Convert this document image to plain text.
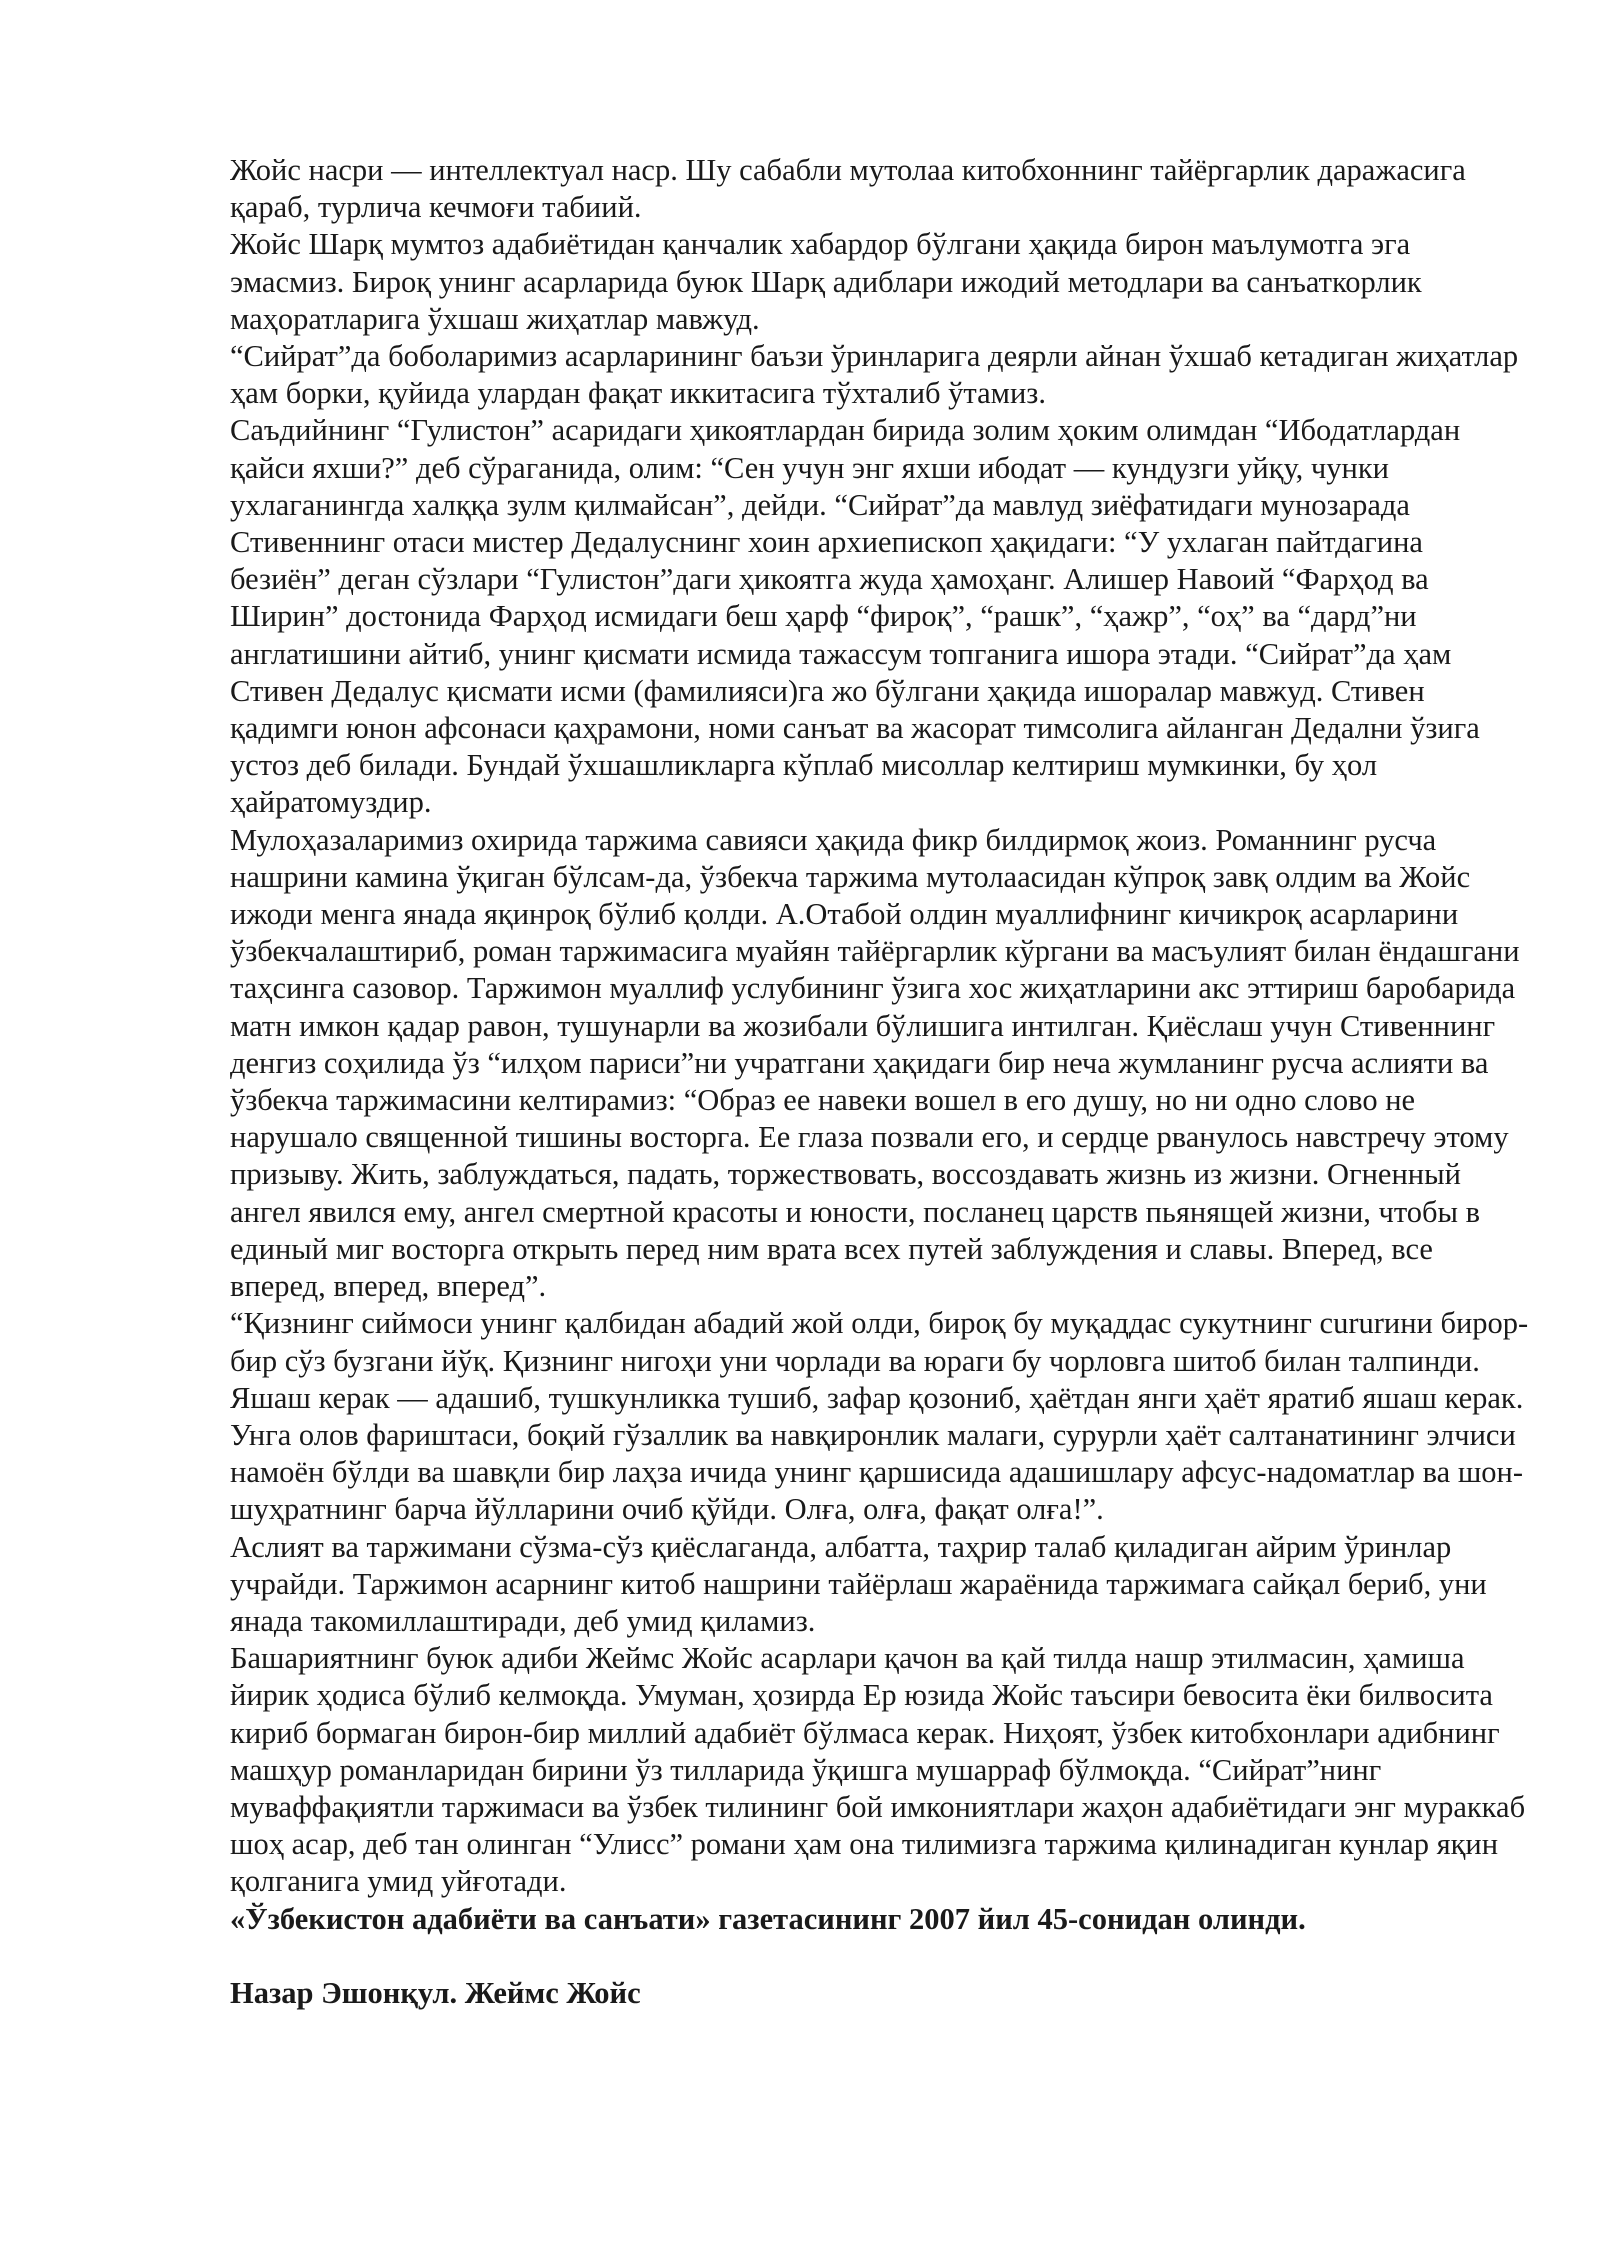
Жойс насри — интеллектуал наср. Шу сабабли мутолаа китобхоннинг тайёргарлик даражасига қараб, турлича кечмоғи табиий.

Жойс Шарқ мумтоз адабиётидан қанчалик хабардор бўлгани ҳақида бирон маълумотга эга эмасмиз. Бироқ унинг асарларида буюк Шарқ адиблари ижодий методлари ва санъаткорлик маҳоратларига ўхшаш жиҳатлар мавжуд.

“Сийрат”да боболаримиз асарларининг баъзи ўринларига деярли айнан ўхшаб кетадиган жиҳатлар ҳам борки, қуйида улардан фақат иккитасига тўхталиб ўтамиз.

Саъдийнинг “Гулистон” асаридаги ҳикоятлардан бирида золим ҳоким олимдан “Ибодатлардан қайси яхши?” деб сўраганида, олим: “Сен учун энг яхши ибодат — кундузги уйқу, чунки ухлаганингда халққа зулм қилмайсан”, дейди. “Сийрат”да мавлуд зиёфатидаги мунозарада Стивеннинг отаси мистер Дедалуснинг хоин архиепископ ҳақидаги: “У ухлаган пайтдагина безиён” деган сўзлари “Гулистон”даги ҳикоятга жуда ҳамоҳанг. Алишер Навоий “Фарҳод ва Ширин” достонида Фарҳод исмидаги беш ҳарф “фироқ”, “рашк”, “ҳажр”, “оҳ” ва “дард”ни англатишини айтиб, унинг қисмати исмида тажассум топганига ишора этади. “Сийрат”да ҳам Стивен Дедалус қисмати исми (фамилияси)га жо бўлгани ҳақида ишоралар мавжуд. Стивен қадимги юнон афсонаси қаҳрамони, номи санъат ва жасорат тимсолига айланган Дедални ўзига устоз деб билади. Бундай ўхшашликларга кўплаб мисоллар келтириш мумкинки, бу ҳол ҳайратомуздир.

Мулоҳазаларимиз охирида таржима савияси ҳақида фикр билдирмоқ жоиз. Романнинг русча нашрини камина ўқиган бўлсам-да, ўзбекча таржима мутолаасидан кўпроқ завқ олдим ва Жойс ижоди менга янада яқинроқ бўлиб қолди. А.Отабой олдин муаллифнинг кичикроқ асарларини ўзбекчалаштириб, роман таржимасига муайян тайёргарлик кўргани ва масъулият билан ёндашгани таҳсинга сазовор. Таржимон муаллиф услубининг ўзига хос жиҳатларини акс эттириш баробарида матн имкон қадар равон, тушунарли ва жозибали бўлишига интилган. Қиёслаш учун Стивеннинг денгиз соҳилида ўз “илҳом париси”ни учратгани ҳақидаги бир неча жумланинг русча аслияти ва ўзбекча таржимасини келтирамиз: “Образ ее навеки вошел в его душу, но ни одно слово не нарушало священной тишины восторга. Ее глаза позвали его, и сердце рванулось навстречу этому призыву. Жить, заблуждаться, падать, торжествовать, воссоздавать жизнь из жизни. Огненный ангел явился ему, ангел смертной красоты и юности, посланец царств пьянящей жизни, чтобы в единый миг восторга открыть перед ним врата всех путей заблуждения и славы. Вперед, все вперед, вперед, вперед”.

“Қизнинг сиймоси унинг қалбидан абадий жой олди, бироқ бу муқаддас сукутнинг сururини бирор-бир сўз бузгани йўқ. Қизнинг нигоҳи уни чорлади ва юраги бу чорловга шитоб билан талпинди. Яшаш керак — адашиб, тушкунликка тушиб, зафар қозониб, ҳаётдан янги ҳаёт яратиб яшаш керак. Унга олов фариштаси, боқий гўзаллик ва навқиронлик малаги, сурурли ҳаёт салтанатининг элчиси намоён бўлди ва шавқли бир лаҳза ичида унинг қаршисида адашишлару афсус-надоматлар ва шон-шуҳратнинг барча йўлларини очиб қўйди. Олға, олға, фақат олға!”.

Аслият ва таржимани сўзма-сўз қиёслаганда, албатта, таҳрир талаб қиладиган айрим ўринлар учрайди. Таржимон асарнинг китоб нашрини тайёрлаш жараёнида таржимага сайқал бериб, уни янада такомиллаштиради, деб умид қиламиз.

Башариятнинг буюк адиби Жеймс Жойс асарлари қачон ва қай тилда нашр этилмасин, ҳамиша йирик ҳодиса бўлиб келмоқда. Умуман, ҳозирда Ер юзида Жойс таъсири бевосита ёки билвосита кириб бормаган бирон-бир миллий адабиёт бўлмаса керак. Ниҳоят, ўзбек китобхонлари адибнинг машҳур романларидан бирини ўз тилларида ўқишга мушарраф бўлмоқда. “Сийрат”нинг муваффақиятли таржимаси ва ўзбек тилининг бой имкониятлари жаҳон адабиётидаги энг мураккаб шоҳ асар, деб тан олинган “Улисс” романи ҳам она тилимизга таржима қилинадиган кунлар яқин қолганига умид уйғотади.

«Ўзбекистон адабиёти ва санъати» газетасининг 2007 йил 45-сонидан олинди.

Назар Эшонқул. Жеймс Жойс
